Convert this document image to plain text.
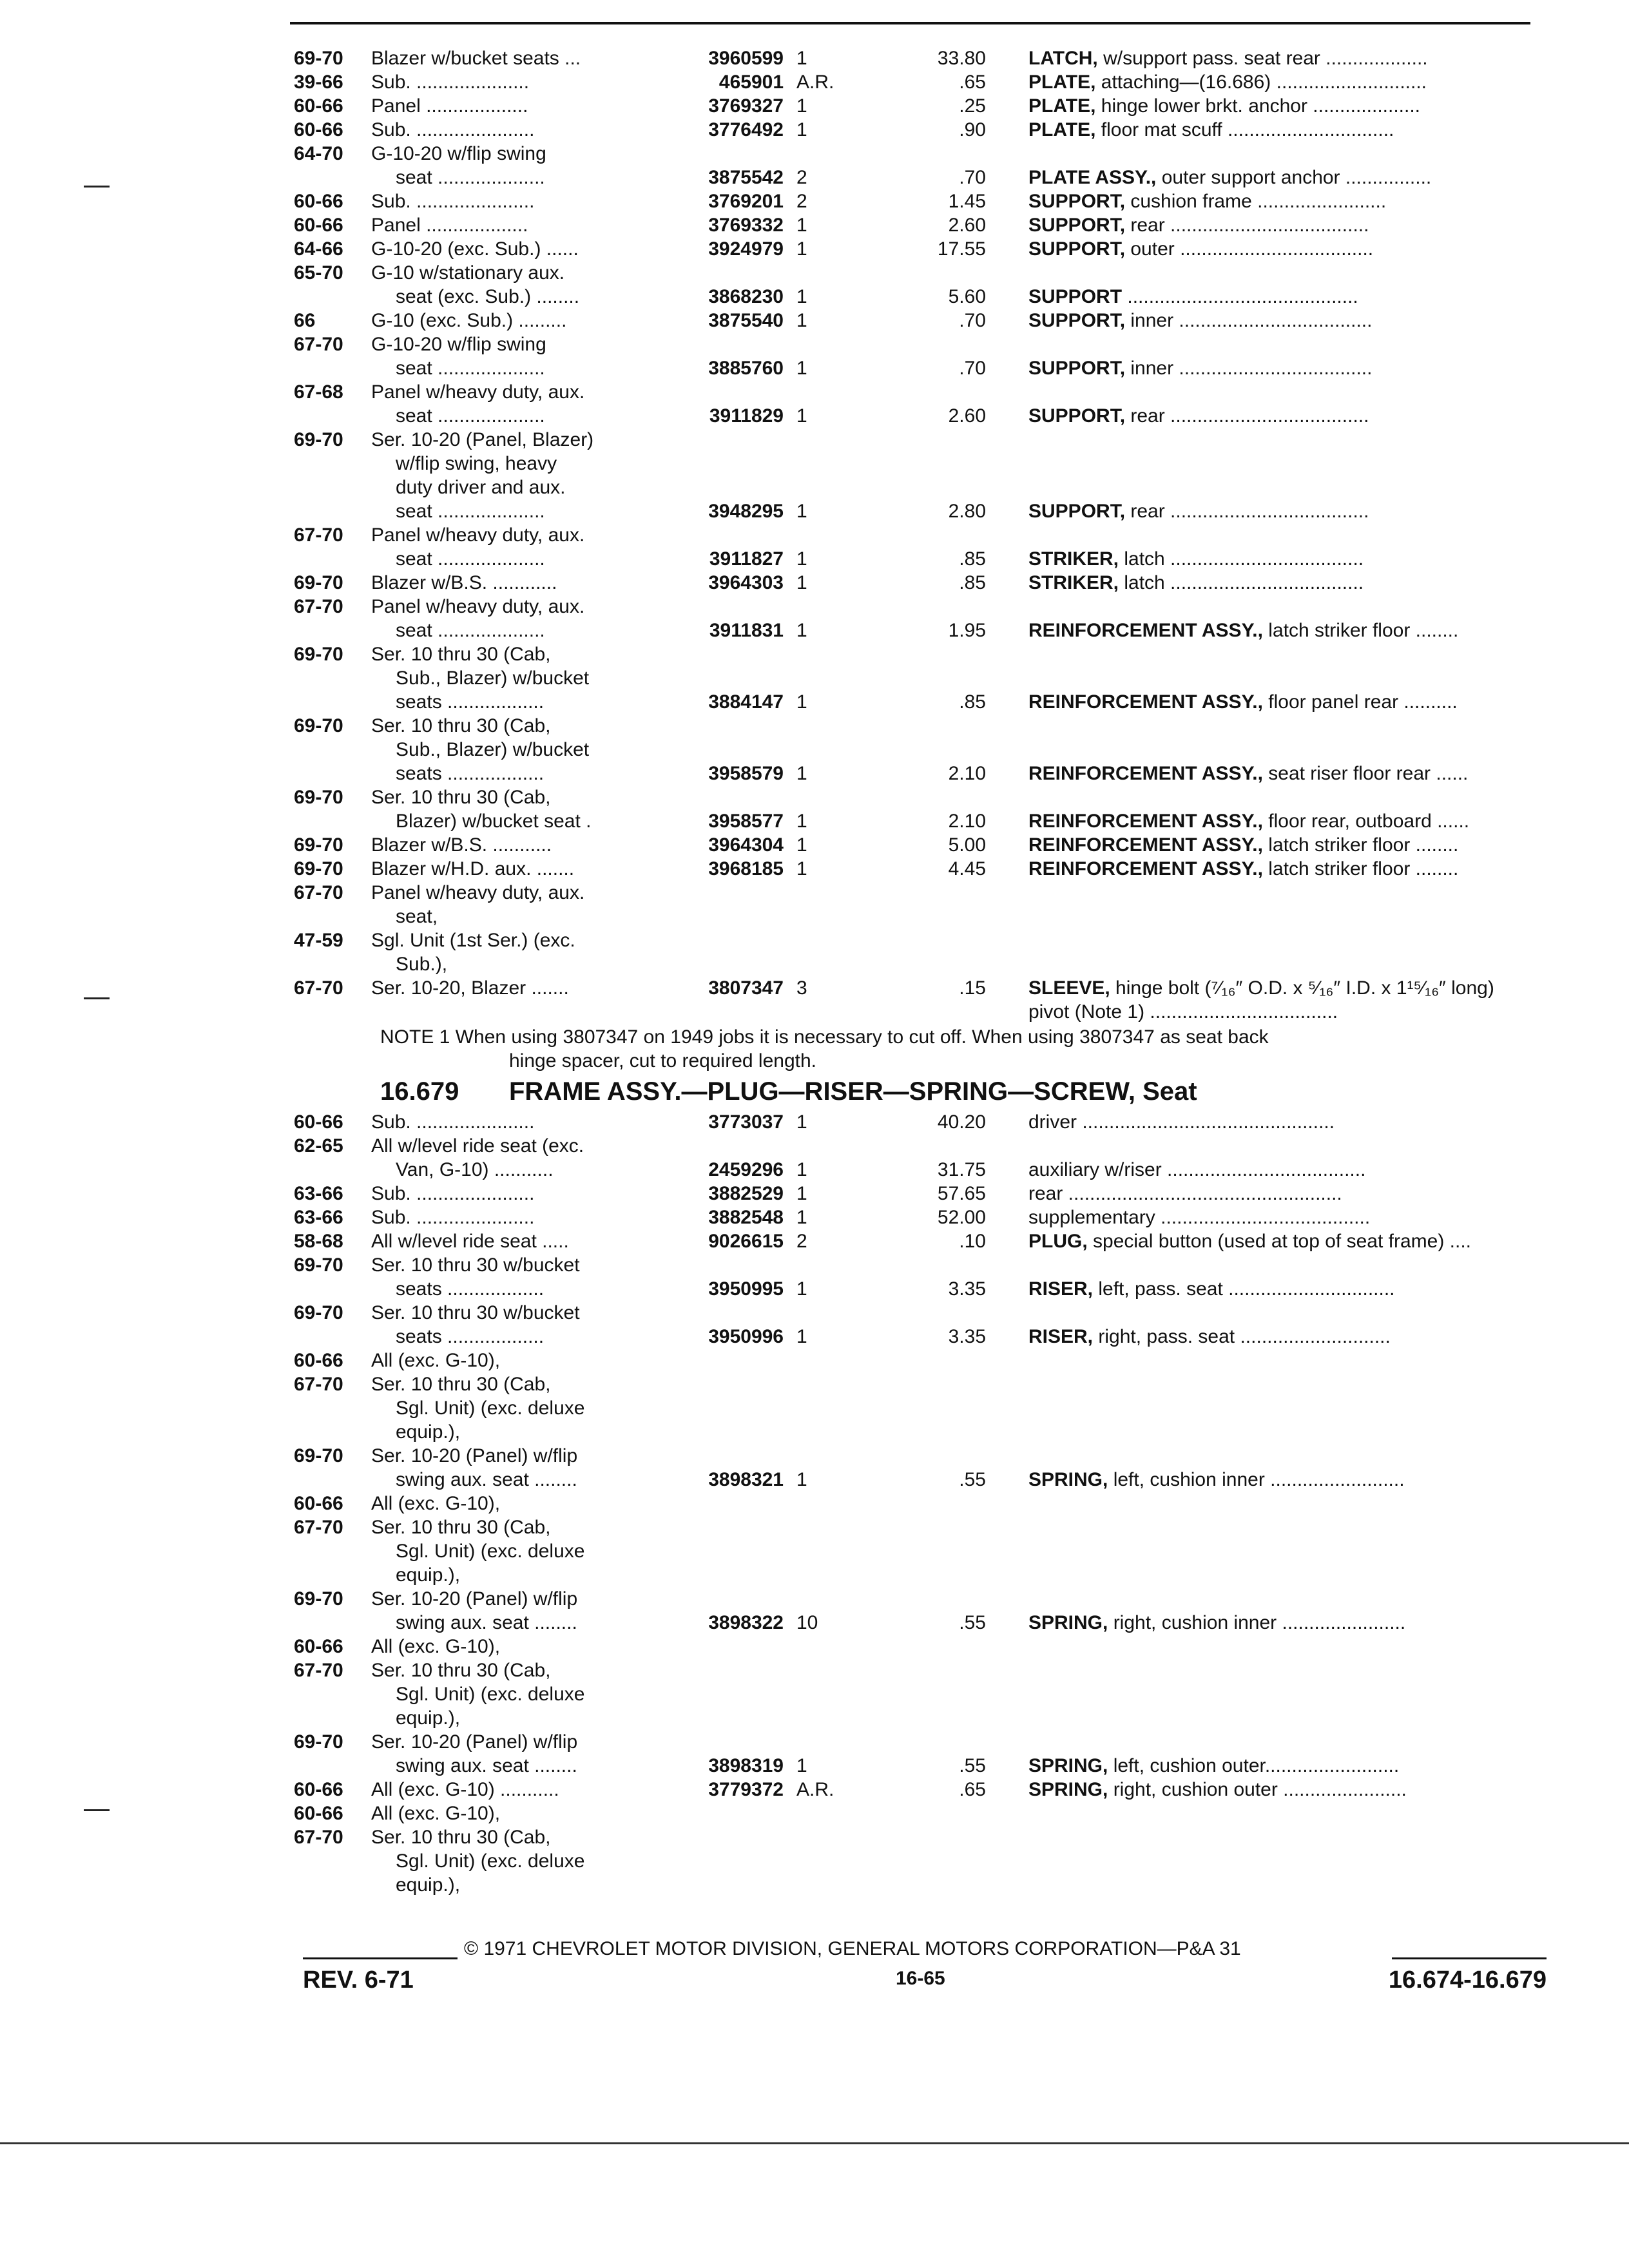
69-70 Blazer w/bucket seats ...	3960599 1	33.80 LATCH, w/support pass. seat rear ...................
39-66 Sub. .....................	465901 A.R.	.65 PLATE, attaching—(16.686) ............................
60-66 Panel ...................	3769327 1	.25 PLATE, hinge lower brkt. anchor ....................
60-66 Sub. ......................	3776492 1	.90 PLATE, floor mat scuff ...............................
64-70 G-10-20 w/flip swing
seat ....................	3875542 2	.70 PLATE ASSY., outer support anchor ................
60-66 Sub. ......................	3769201 2	1.45 SUPPORT, cushion frame ........................
60-66 Panel ...................	3769332 1	2.60 SUPPORT, rear .....................................
64-66 G-10-20 (exc. Sub.) ......	3924979 1	17.55 SUPPORT, outer ....................................
65-70 G-10 w/stationary aux.
seat (exc. Sub.) ........	3868230 1	5.60 SUPPORT ...........................................
66	G-10 (exc. Sub.) .........	3875540 1	.70 SUPPORT, inner ....................................
67-70 G-10-20 w/flip swing
seat ....................	3885760 1	.70 SUPPORT, inner ....................................
67-68 Panel w/heavy duty, aux.
seat ....................	3911829 1	2.60 SUPPORT, rear .....................................
69-70 Ser. 10-20 (Panel, Blazer)
w/flip swing, heavy
duty driver and aux.
seat ....................	3948295 1	2.80 SUPPORT, rear .....................................
67-70 Panel w/heavy duty, aux.
seat ....................	3911827 1	.85 STRIKER, latch ....................................
69-70 Blazer w/B.S. ............	3964303 1	.85 STRIKER, latch ....................................
67-70 Panel w/heavy duty, aux.
seat ....................	3911831 1	1.95 REINFORCEMENT ASSY., latch striker floor ........
69-70 Ser. 10 thru 30 (Cab,
Sub., Blazer) w/bucket
seats ..................	3884147 1	.85 REINFORCEMENT ASSY., floor panel rear ..........
69-70 Ser. 10 thru 30 (Cab,
Sub., Blazer) w/bucket
seats ..................	3958579 1	2.10 REINFORCEMENT ASSY., seat riser floor rear ......
69-70 Ser. 10 thru 30 (Cab,
Blazer) w/bucket seat .	3958577 1	2.10 REINFORCEMENT ASSY., floor rear, outboard ......
69-70 Blazer w/B.S. ...........	3964304 1	5.00 REINFORCEMENT ASSY., latch striker floor ........
69-70 Blazer w/H.D. aux. .......	3968185 1	4.45 REINFORCEMENT ASSY., latch striker floor ........
67-70 Panel w/heavy duty, aux.
seat,
47-59 Sgl. Unit (1st Ser.) (exc.
Sub.),
67-70 Ser. 10-20, Blazer .......	3807347 3	.15 SLEEVE, hinge bolt (⁷⁄₁₆″ O.D. x ⁵⁄₁₆″ I.D. x 1¹⁵⁄₁₆″ long)
pivot (Note 1) ...................................
NOTE 1 When using 3807347 on 1949 jobs it is necessary to cut off. When using 3807347 as seat back
hinge spacer, cut to required length.
16.679 FRAME ASSY.—PLUG—RISER—SPRING—SCREW, Seat
60-66 Sub. ......................	3773037 1	40.20 driver ...............................................
62-65 All w/level ride seat (exc.
Van, G-10) ...........	2459296 1	31.75 auxiliary w/riser .....................................
63-66 Sub. ......................	3882529 1	57.65 rear ...................................................
63-66 Sub. ......................	3882548 1	52.00 supplementary .......................................
58-68 All w/level ride seat .....	9026615 2	.10 PLUG, special button (used at top of seat frame) ....
69-70 Ser. 10 thru 30 w/bucket
seats ..................	3950995 1	3.35 RISER, left, pass. seat ...............................
69-70 Ser. 10 thru 30 w/bucket
seats ..................	3950996 1	3.35 RISER, right, pass. seat ............................
60-66 All (exc. G-10),
67-70 Ser. 10 thru 30 (Cab,
Sgl. Unit) (exc. deluxe
equip.),
69-70 Ser. 10-20 (Panel) w/flip
swing aux. seat ........	3898321 1	.55 SPRING, left, cushion inner .........................
60-66 All (exc. G-10),
67-70 Ser. 10 thru 30 (Cab,
Sgl. Unit) (exc. deluxe
equip.),
69-70 Ser. 10-20 (Panel) w/flip
swing aux. seat ........	3898322 10	.55 SPRING, right, cushion inner .......................
60-66 All (exc. G-10),
67-70 Ser. 10 thru 30 (Cab,
Sgl. Unit) (exc. deluxe
equip.),
69-70 Ser. 10-20 (Panel) w/flip
swing aux. seat ........	3898319 1	.55 SPRING, left, cushion outer.........................
60-66 All (exc. G-10) ...........	3779372 A.R.	.65 SPRING, right, cushion outer .......................
60-66 All (exc. G-10),
67-70 Ser. 10 thru 30 (Cab,
Sgl. Unit) (exc. deluxe
equip.),
© 1971 CHEVROLET MOTOR DIVISION, GENERAL MOTORS CORPORATION—P&A 31
REV. 6-71	16-65	16.674-16.679
